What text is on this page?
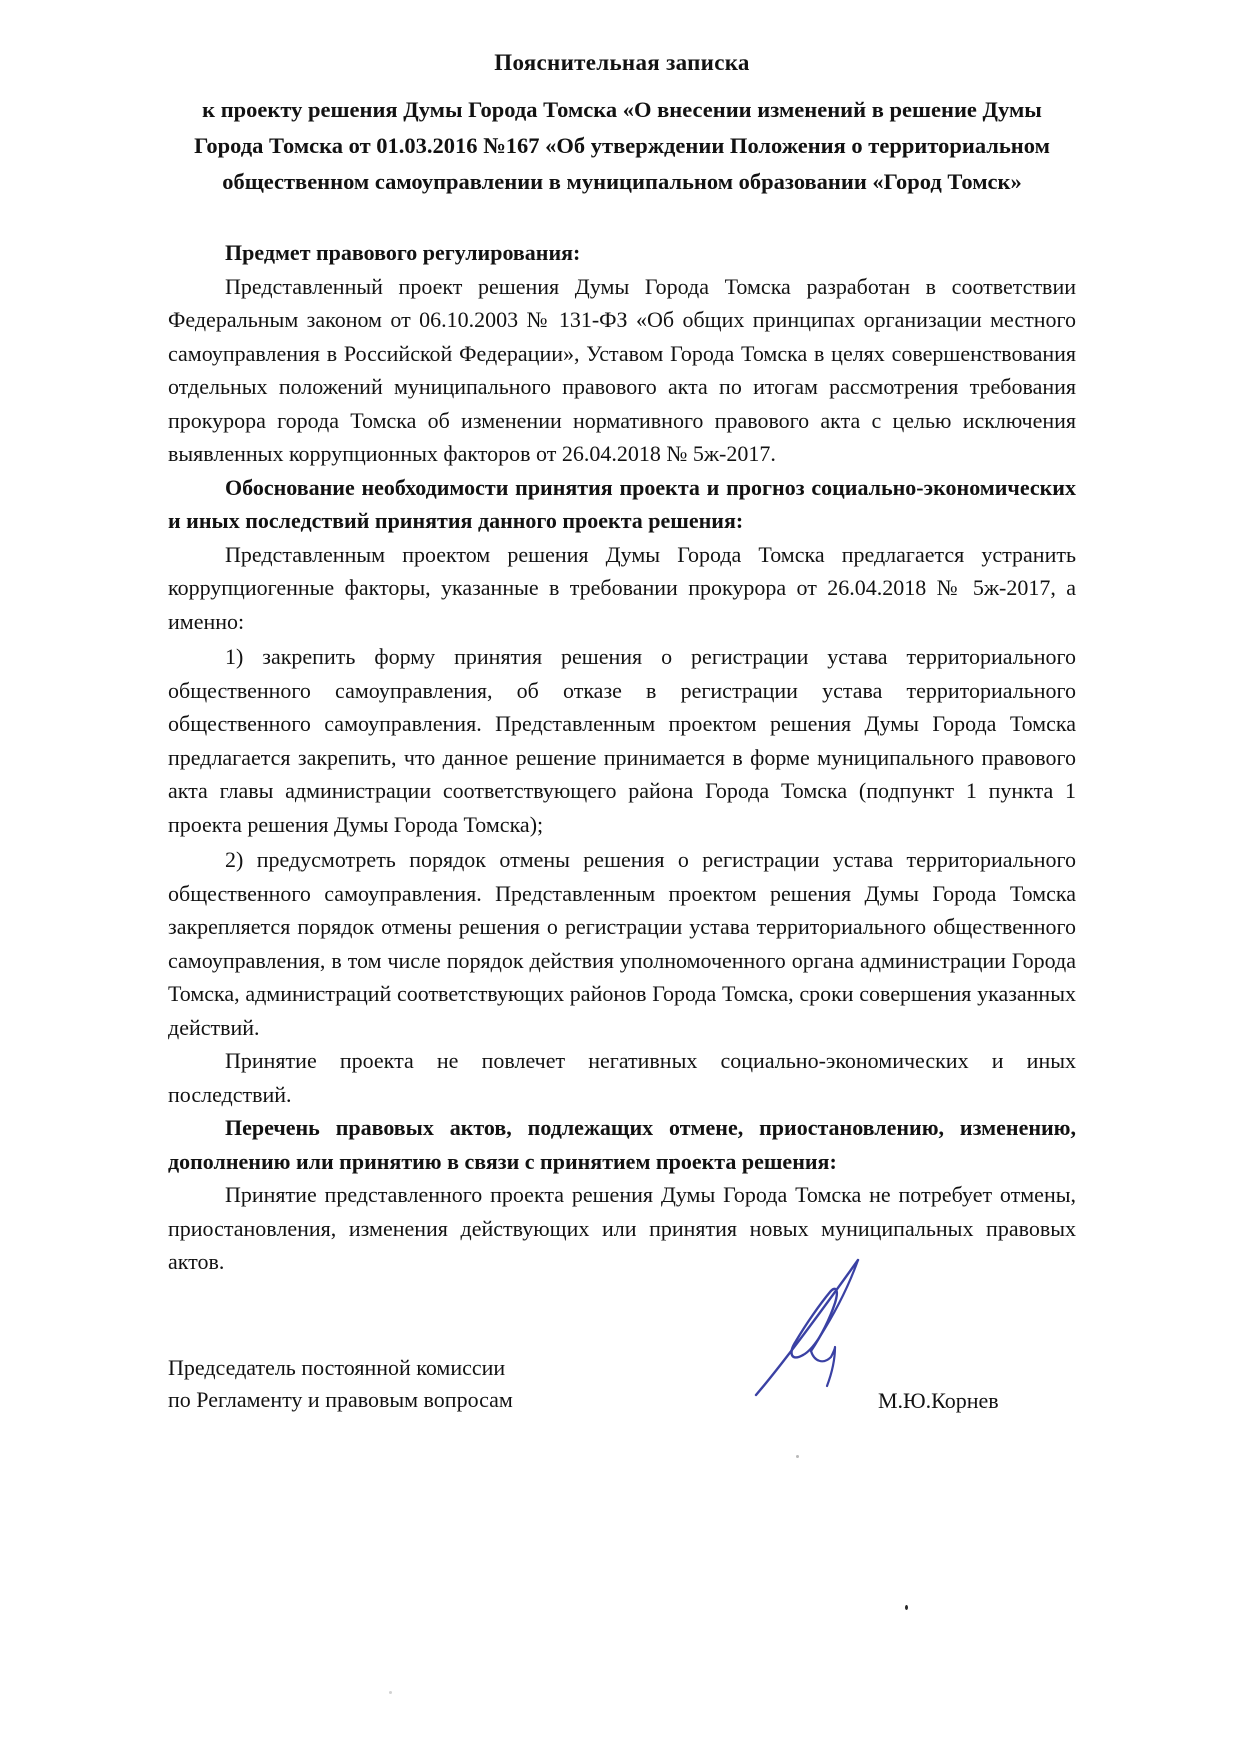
Пояснительная записка
к проекту решения Думы Города Томска «О внесении изменений в решение Думы Города Томска от 01.03.2016 №167 «Об утверждении Положения о территориальном общественном самоуправлении в муниципальном образовании «Город Томск»

Предмет правового регулирования:

Представленный проект решения Думы Города Томска разработан в соответствии Федеральным законом от 06.10.2003 № 131-ФЗ «Об общих принципах организации местного самоуправления в Российской Федерации», Уставом Города Томска в целях совершенствования отдельных положений муниципального правового акта по итогам рассмотрения требования прокурора города Томска об изменении нормативного правового акта с целью исключения выявленных коррупционных факторов от 26.04.2018 № 5ж-2017.

Обоснование необходимости принятия проекта и прогноз социально-экономических и иных последствий принятия данного проекта решения:

Представленным проектом решения Думы Города Томска предлагается устранить коррупциогенные факторы, указанные в требовании прокурора от 26.04.2018 № 5ж-2017, а именно:

1) закрепить форму принятия решения о регистрации устава территориального общественного самоуправления, об отказе в регистрации устава территориального общественного самоуправления. Представленным проектом решения Думы Города Томска предлагается закрепить, что данное решение принимается в форме муниципального правового акта главы администрации соответствующего района Города Томска (подпункт 1 пункта 1 проекта решения Думы Города Томска);

2) предусмотреть порядок отмены решения о регистрации устава территориального общественного самоуправления. Представленным проектом решения Думы Города Томска закрепляется порядок отмены решения о регистрации устава территориального общественного самоуправления, в том числе порядок действия уполномоченного органа администрации Города Томска, администраций соответствующих районов Города Томска, сроки совершения указанных действий.

Принятие проекта не повлечет негативных социально-экономических и иных последствий.

Перечень правовых актов, подлежащих отмене, приостановлению, изменению, дополнению или принятию в связи с принятием проекта решения:

Принятие представленного проекта решения Думы Города Томска не потребует отмены, приостановления, изменения действующих или принятия новых муниципальных правовых актов.

Председатель постоянной комиссии
по Регламенту и правовым вопросам	М.Ю.Корнев
